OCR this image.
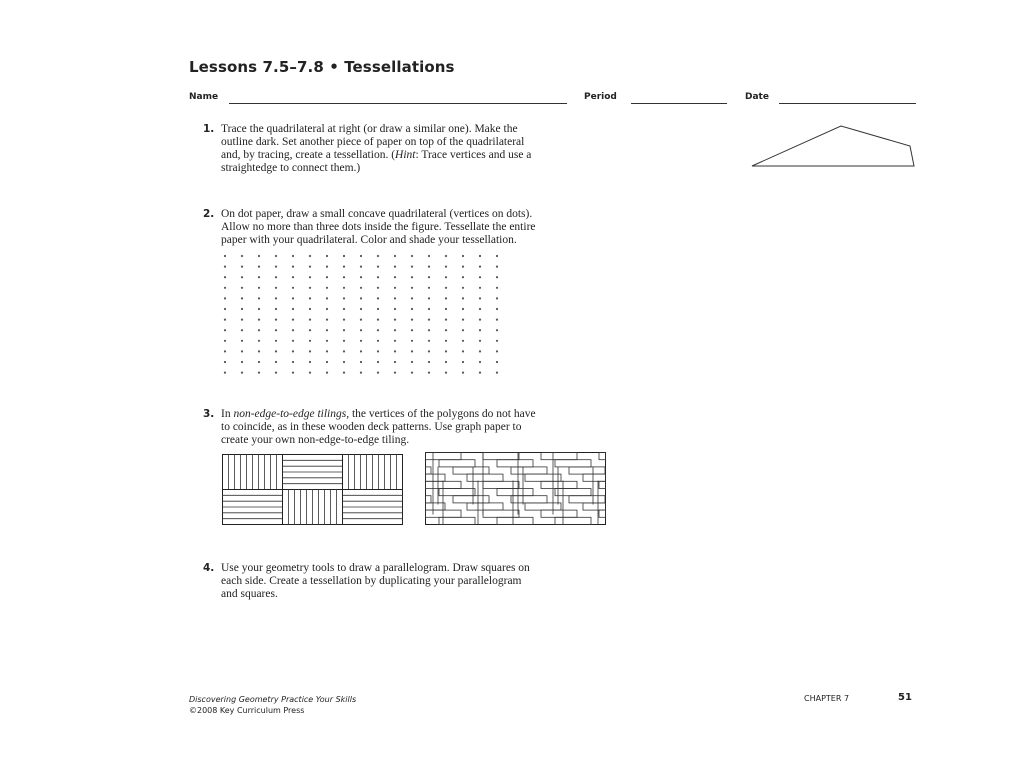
Lessons 7.5–7.8 • Tessellations
Name	Period	Date
1. Trace the quadrilateral at right (or draw a similar one). Make the
outline dark. Set another piece of paper on top of the quadrilateral
and, by tracing, create a tessellation. (Hint: Trace vertices and use a
straightedge to connect them.)
2. On dot paper, draw a small concave quadrilateral (vertices on dots).
Allow no more than three dots inside the figure. Tessellate the entire
paper with your quadrilateral. Color and shade your tessellation.
3. In non-edge-to-edge tilings, the vertices of the polygons do not have
to coincide, as in these wooden deck patterns. Use graph paper to
create your own non-edge-to-edge tiling.
4. Use your geometry tools to draw a parallelogram. Draw squares on
each side. Create a tessellation by duplicating your parallelogram
and squares.
Discovering Geometry Practice Your Skills
©2008 Key Curriculum Press
CHAPTER 7	51
